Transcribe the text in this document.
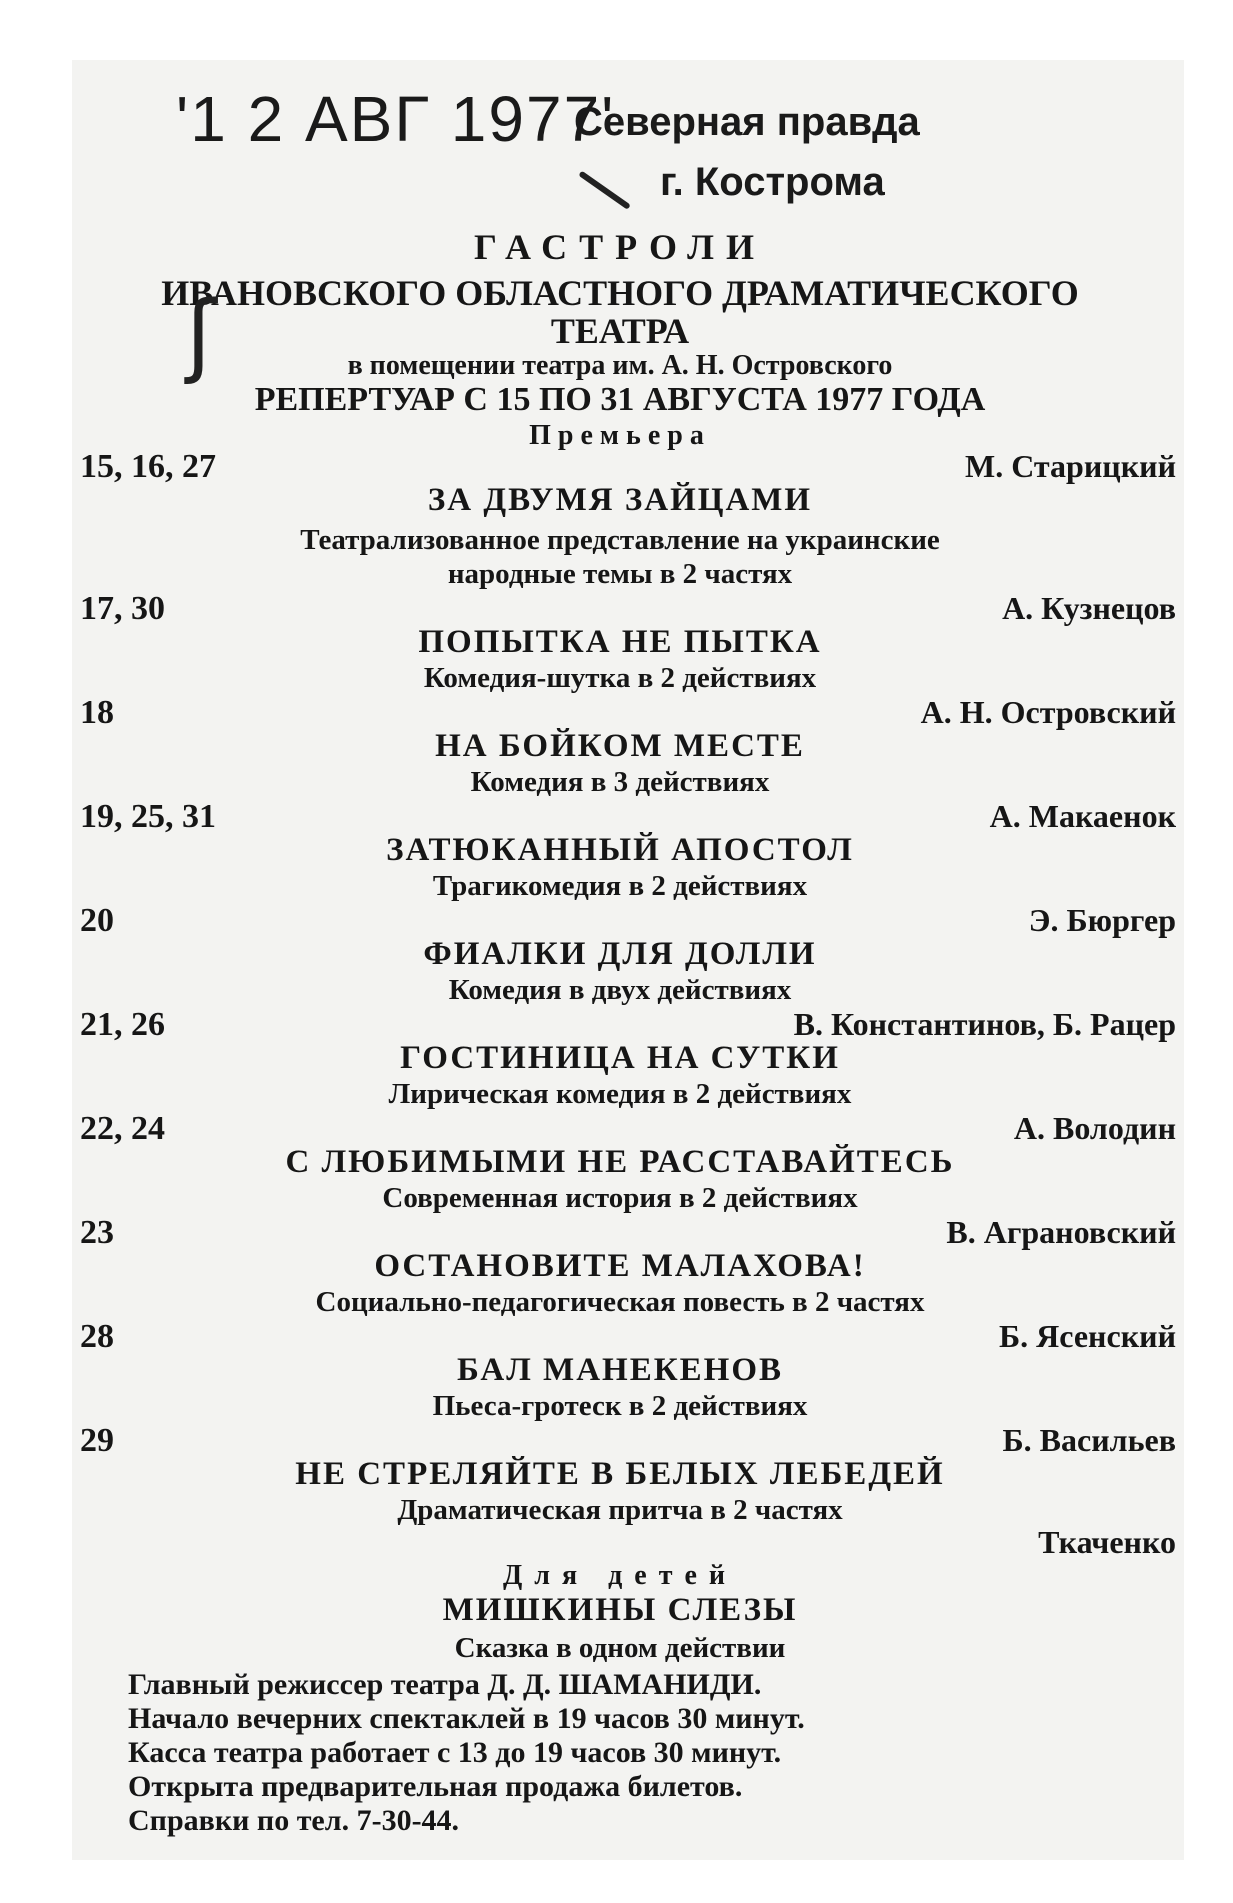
'1 2 АВГ 1977'
Северная правда
г. Кострома
ГАСТРОЛИ
ИВАНОВСКОГО ОБЛАСТНОГО ДРАМАТИЧЕСКОГО
ТЕАТРА
ʃ	в помещении театра им. А. Н. Островского
РЕПЕРТУАР С 15 ПО 31 АВГУСТА 1977 ГОДА
Премьера
15, 16, 27	М. Старицкий
ЗА ДВУМЯ ЗАЙЦАМИ
Театрализованное представление на украинские
народные темы в 2 частях
17, 30	А. Кузнецов
ПОПЫТКА НЕ ПЫТКА
Комедия-шутка в 2 действиях
18	А. Н. Островский
НА БОЙКОМ МЕСТЕ
Комедия в 3 действиях
19, 25, 31	А. Макаенок
ЗАТЮКАННЫЙ АПОСТОЛ
Трагикомедия в 2 действиях
20	Э. Бюргер
ФИАЛКИ ДЛЯ ДОЛЛИ
Комедия в двух действиях
21, 26	В. Константинов, Б. Рацер
ГОСТИНИЦА НА СУТКИ
Лирическая комедия в 2 действиях
22, 24	А. Володин
С ЛЮБИМЫМИ НЕ РАССТАВАЙТЕСЬ
Современная история в 2 действиях
23	В. Аграновский
ОСТАНОВИТЕ МАЛАХОВА!
Социально-педагогическая повесть в 2 частях
28	Б. Ясенский
БАЛ МАНЕКЕНОВ
Пьеса-гротеск в 2 действиях
29	Б. Васильев
НЕ СТРЕЛЯЙТЕ В БЕЛЫХ ЛЕБЕДЕЙ
Драматическая притча в 2 частях
Ткаченко
Для детей
МИШКИНЫ СЛЕЗЫ
Сказка в одном действии
Главный режиссер театра Д. Д. ШАМАНИДИ.
Начало вечерних спектаклей в 19 часов 30 минут.
Касса театра работает с 13 до 19 часов 30 минут.
Открыта предварительная продажа билетов.
Справки по тел. 7-30-44.
